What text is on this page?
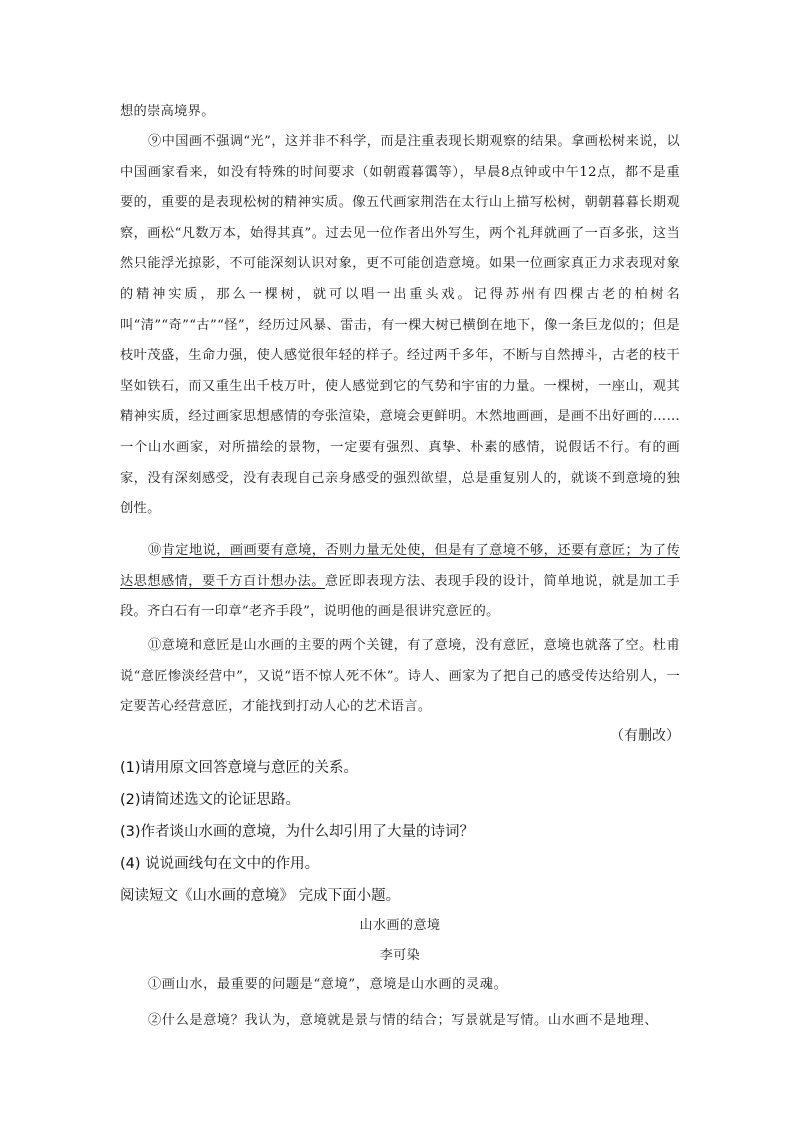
想的崇高境界。

⑨中国画不强调“光”，这并非不科学，而是注重表现长期观察的结果。拿画松树来说，以中国画家看来，如没有特殊的时间要求（如朝霞暮霭等），早晨8点钟或中午12点，都不是重要的，重要的是表现松树的精神实质。像五代画家荆浩在太行山上描写松树，朝朝暮暮长期观察，画松“凡数万本，始得其真”。过去见一位作者出外写生，两个礼拜就画了一百多张，这当然只能浮光掠影，不可能深刻认识对象，更不可能创造意境。如果一位画家真正力求表现对象的精神实质，那么一棵树，就可以唱一出重头戏。记得苏州有四棵古老的柏树名叫“清”“奇”“古”“怪”，经历过风暴、雷击，有一棵大树已横倒在地下，像一条巨龙似的；但是枝叶茂盛，生命力强，使人感觉很年轻的样子。经过两千多年，不断与自然搏斗，古老的枝干坚如铁石，而又重生出千枝万叶，使人感觉到它的气势和宇宙的力量。一棵树，一座山，观其精神实质，经过画家思想感情的夸张渲染，意境会更鲜明。木然地画画，是画不出好画的……一个山水画家，对所描绘的景物，一定要有强烈、真挚、朴素的感情，说假话不行。有的画家，没有深刻感受，没有表现自己亲身感受的强烈欲望，总是重复别人的，就谈不到意境的独创性。

⑩肯定地说，画画要有意境，否则力量无处使，但是有了意境不够，还要有意匠；为了传达思想感情，要千方百计想办法。意匠即表现方法、表现手段的设计，简单地说，就是加工手段。齐白石有一印章“老齐手段”，说明他的画是很讲究意匠的。

⑪意境和意匠是山水画的主要的两个关键，有了意境，没有意匠，意境也就落了空。杜甫说“意匠惨淡经营中”，又说“语不惊人死不休”。诗人、画家为了把自己的感受传达给别人，一定要苦心经营意匠，才能找到打动人心的艺术语言。

（有删改）

(1)请用原文回答意境与意匠的关系。

(2)请简述选文的论证思路。

(3)作者谈山水画的意境，为什么却引用了大量的诗词？

(4) 说说画线句在文中的作用。

阅读短文《山水画的意境》 完成下面小题。

山水画的意境
李可染

①画山水，最重要的问题是“意境”，意境是山水画的灵魂。

②什么是意境？我认为，意境就是景与情的结合；写景就是写情。山水画不是地理、
